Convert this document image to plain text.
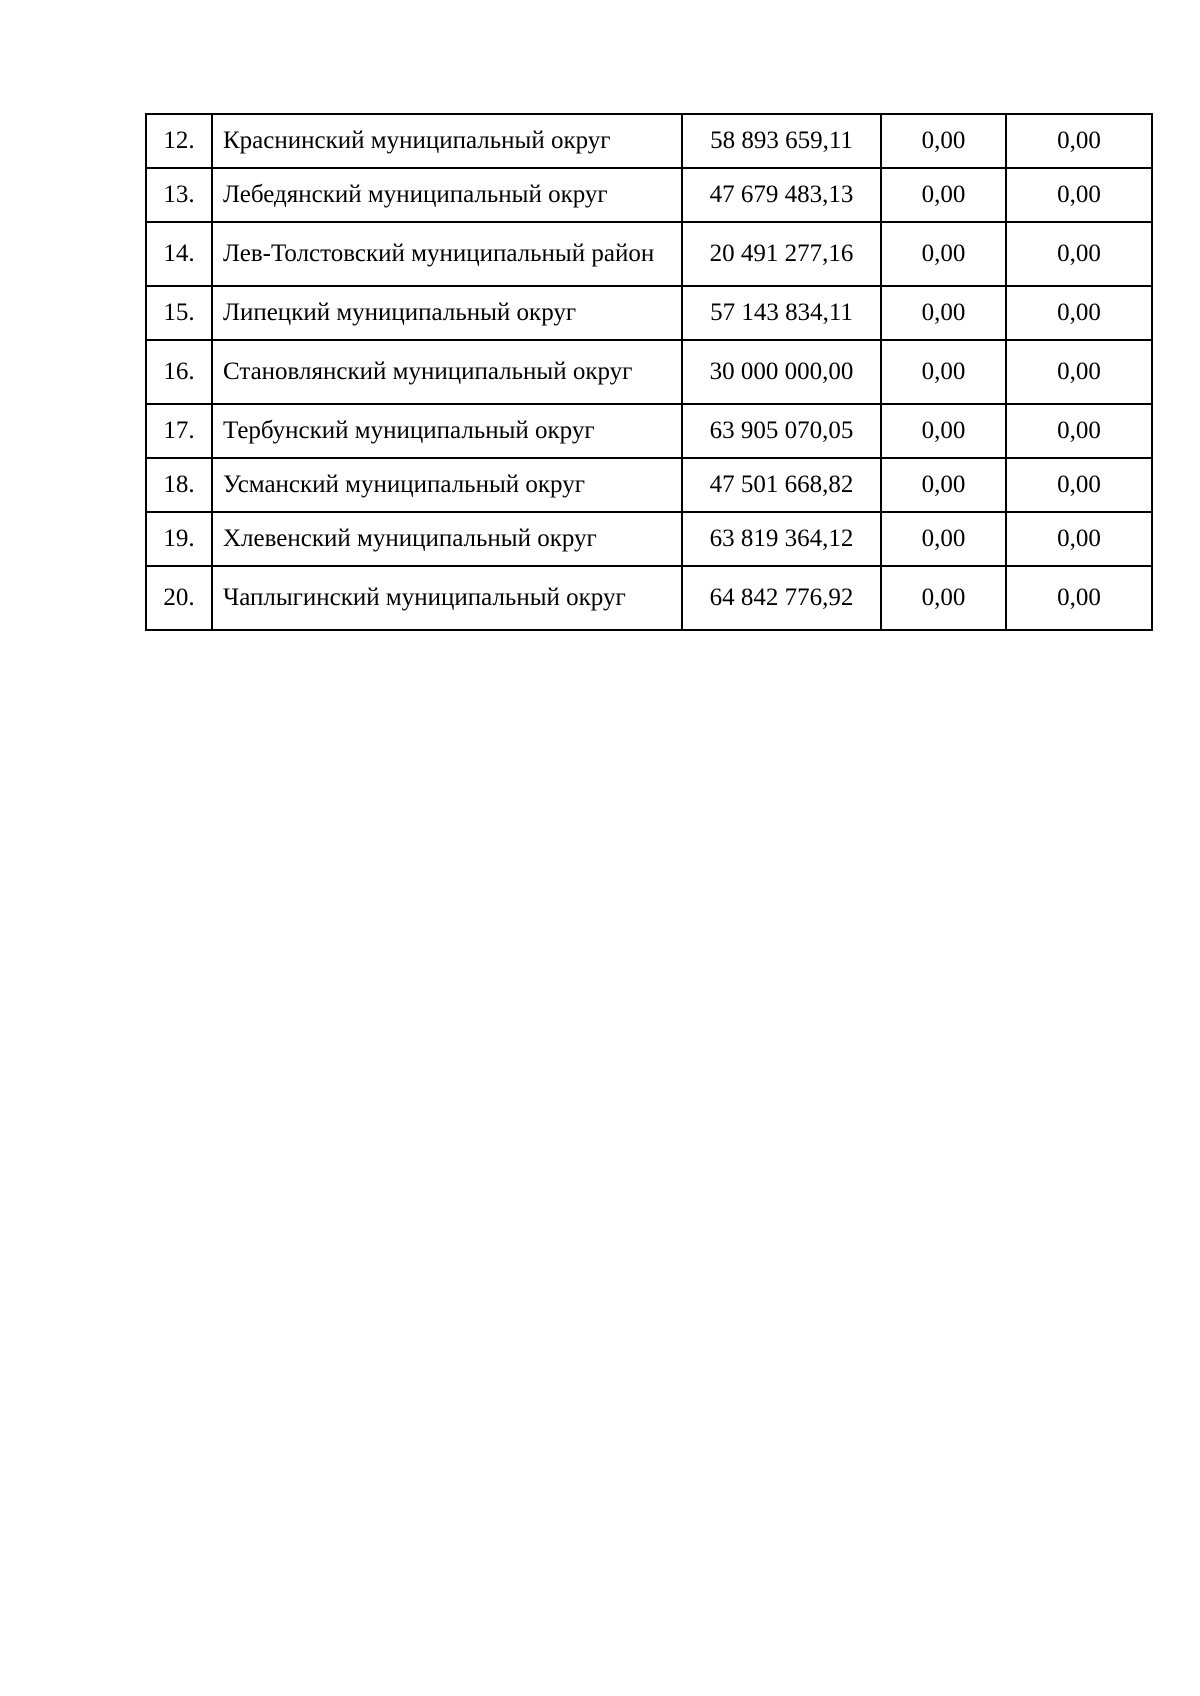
12.	Краснинский муниципальный округ	58 893 659,11	0,00	0,00
13.	Лебедянский муниципальный округ	47 679 483,13	0,00	0,00
14.	Лев-Толстовский муниципальный район	20 491 277,16	0,00	0,00
15.	Липецкий муниципальный округ	57 143 834,11	0,00	0,00
16.	Становлянский муниципальный округ	30 000 000,00	0,00	0,00
17.	Тербунский муниципальный округ	63 905 070,05	0,00	0,00
18.	Усманский муниципальный округ	47 501 668,82	0,00	0,00
19.	Хлевенский муниципальный округ	63 819 364,12	0,00	0,00
20.	Чаплыгинский муниципальный округ	64 842 776,92	0,00	0,00
